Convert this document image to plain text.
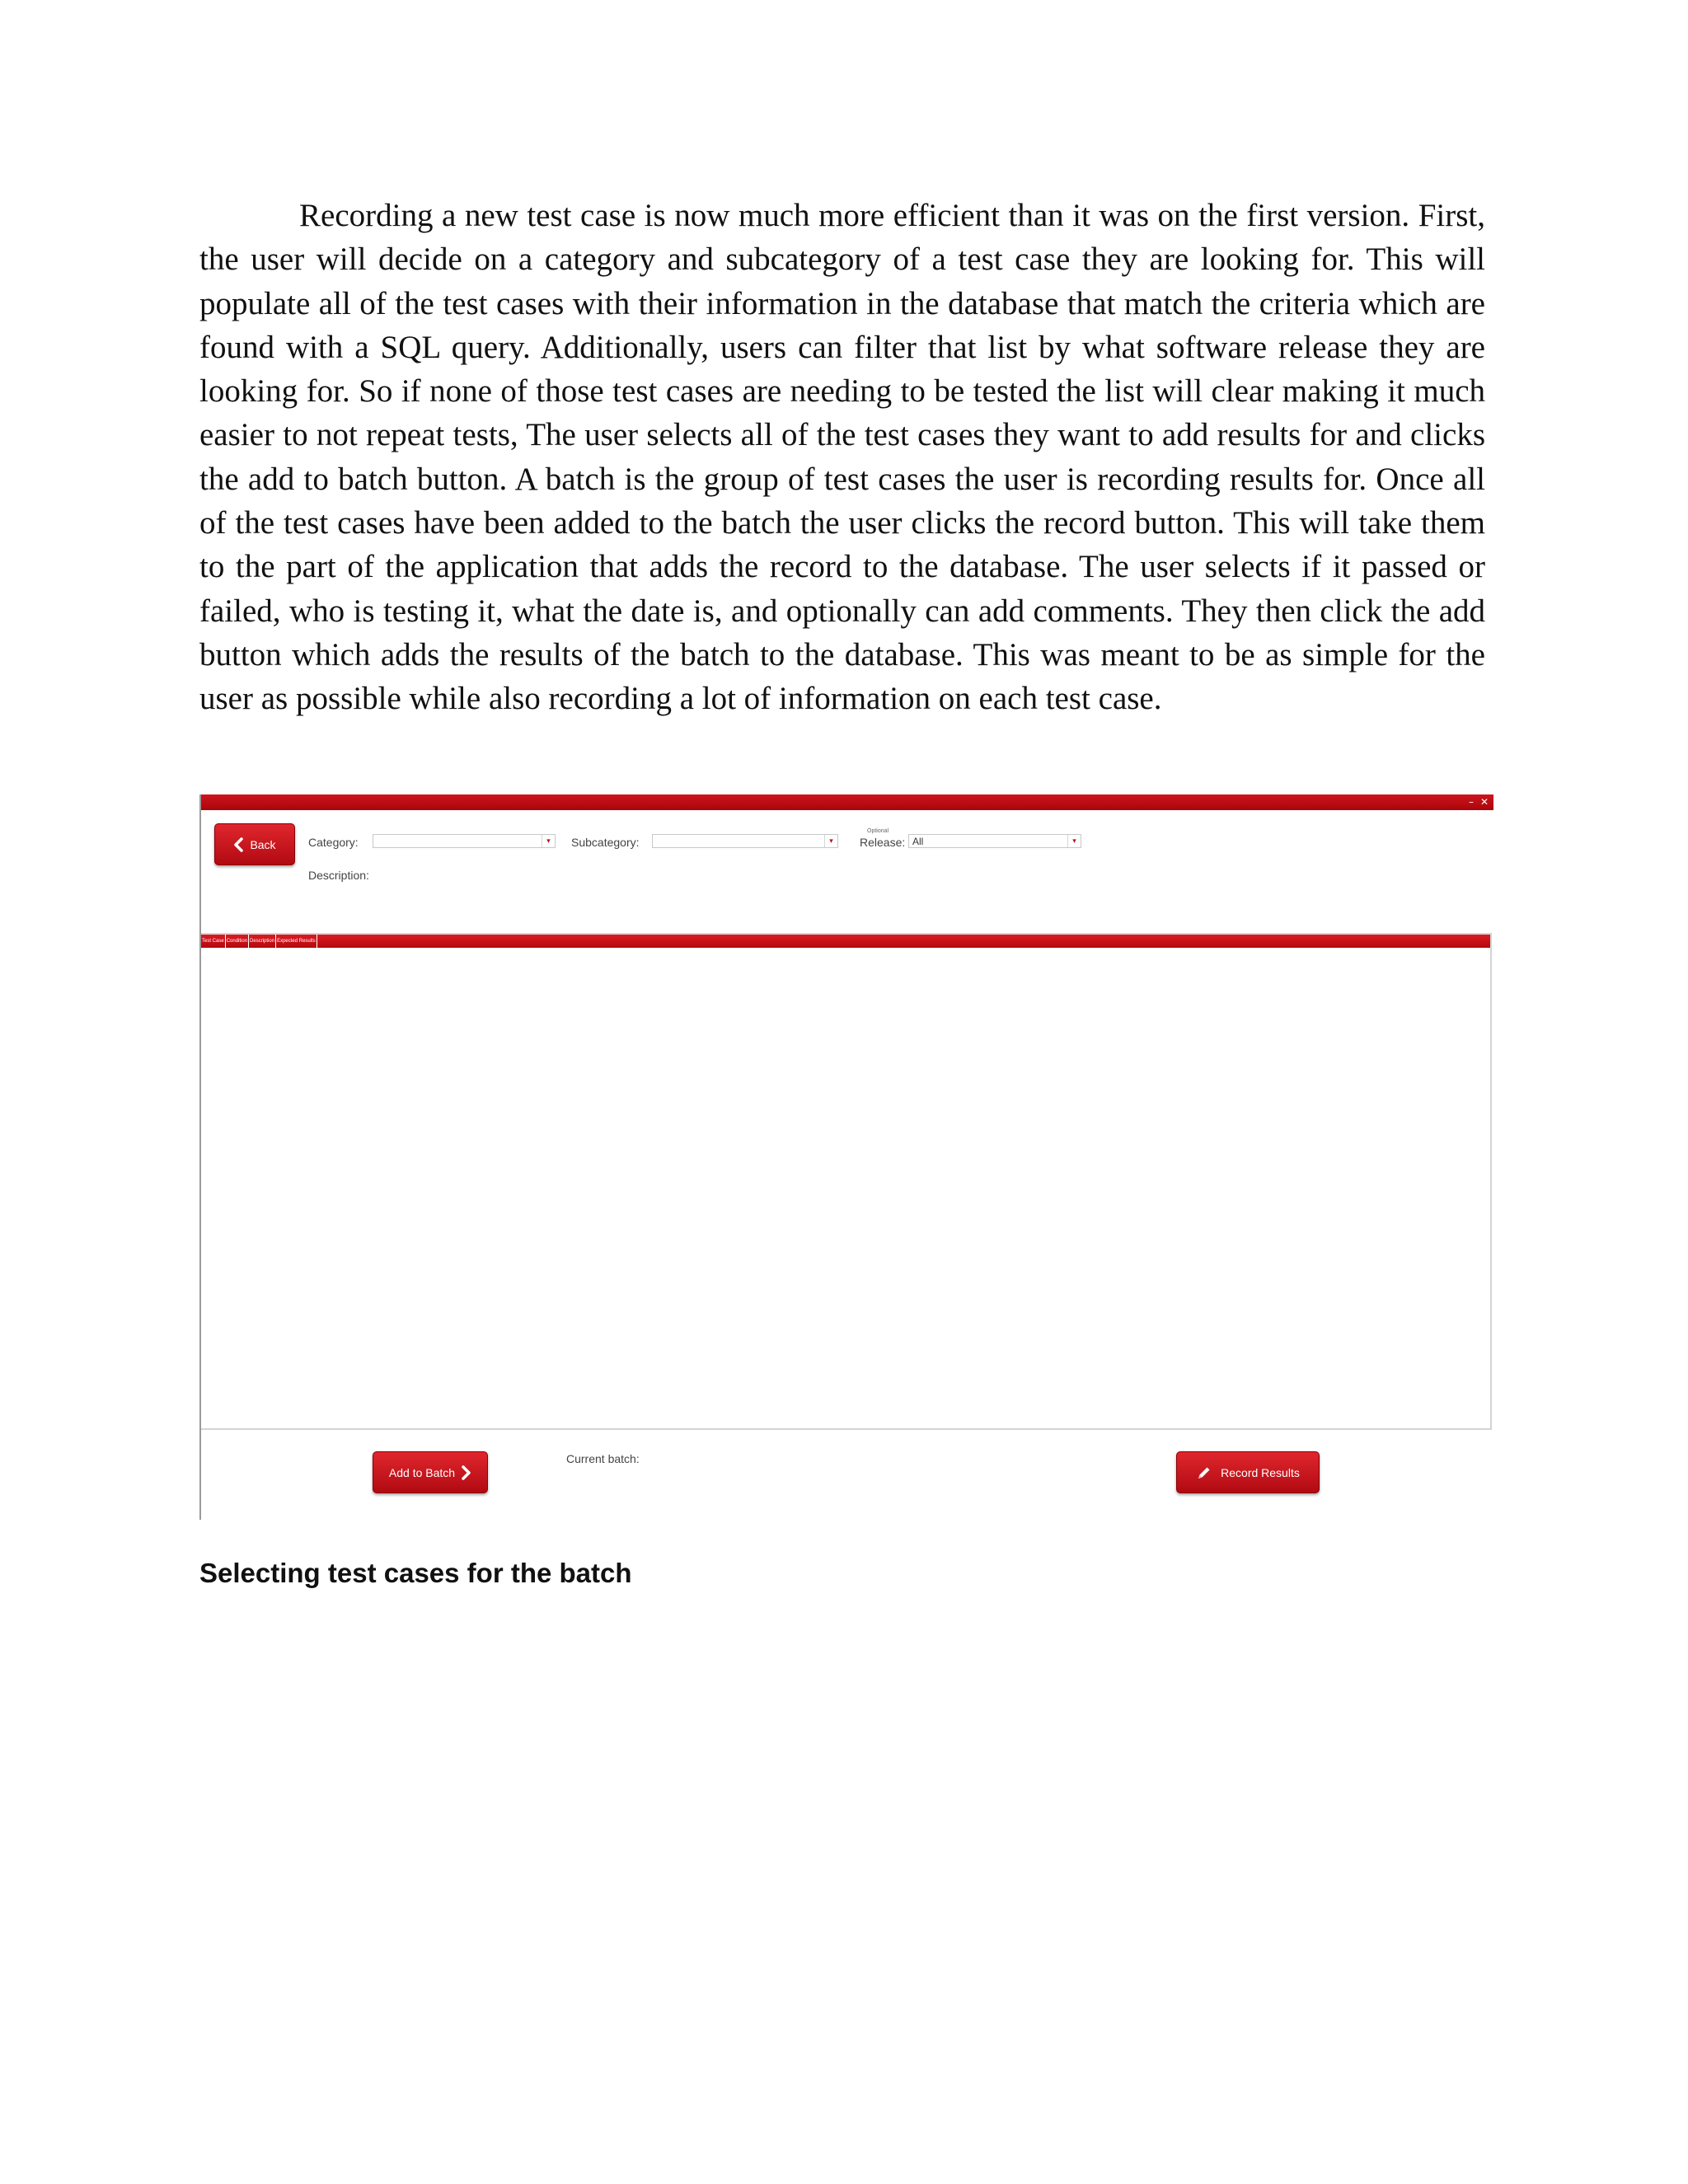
Recording a new test case is now much more efficient than it was on the first version. First, the user will decide on a category and subcategory of a test case they are looking for. This will populate all of the test cases with their information in the database that match the criteria which are found with a SQL query. Additionally, users can filter that list by what software release they are looking for. So if none of those test cases are needing to be tested the list will clear making it much easier to not repeat tests, The user selects all of the test cases they want to add results for and clicks the add to batch button. A batch is the group of test cases the user is recording results for. Once all of the test cases have been added to the batch the user clicks the record button. This will take them to the part of the application that adds the record to the database. The user selects if it passed or failed, who is testing it, what the date is, and optionally can add comments. They then click the add button which adds the results of the batch to the database. This was meant to be as simple for the user as possible while also recording a lot of information on each test case.

– ✕
Back	Category:	▾	Subcategory:	▾
Optional
Release: All	▾
Description:
Test Case Condition Description Expected Results
Add to Batch
Current batch:
Record Results
Selecting test cases for the batch
